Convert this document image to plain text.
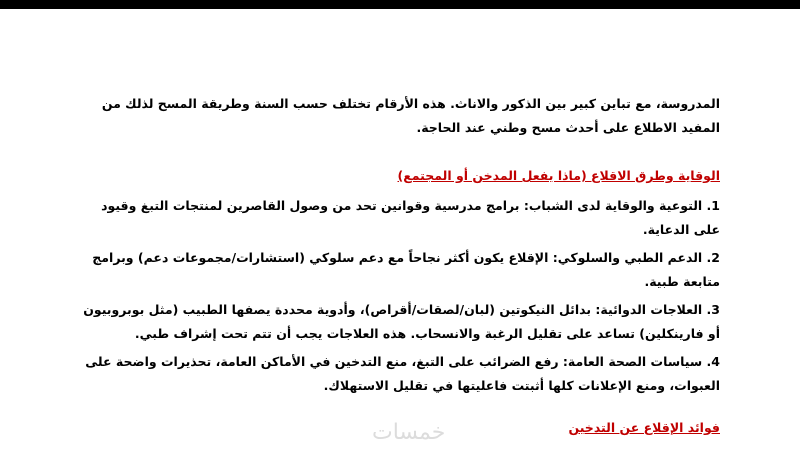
المدروسة، مع تباين كبير بين الذكور والاناث. هذه الأرقام تختلف حسب السنة وطريقة المسح لذلك من
المفيد الاطلاع على أحدث مسح وطني عند الحاجة.

الوقاية وطرق الاقلاع (ماذا يفعل المدخن أو المجتمع)

1. التوعية والوقاية لدى الشباب: برامج مدرسية وقوانين تحد من وصول القاصرين لمنتجات التبغ وقيود
على الدعاية.

2. الدعم الطبي والسلوكي: الإقلاع يكون أكثر نجاحاً مع دعم سلوكي (استشارات/مجموعات دعم) وبرامج
متابعة طبية.

3. العلاجات الدوائية: بدائل النيكوتين (لبان/لصقات/أقراص)، وأدوية محددة يصفها الطبيب (مثل بوبروبيون
أو فارينكلين) تساعد على تقليل الرغبة والانسحاب. هذه العلاجات يجب أن تتم تحت إشراف طبي.

4. سياسات الصحة العامة: رفع الضرائب على التبغ، منع التدخين في الأماكن العامة، تحذيرات واضحة على
العبوات، ومنع الإعلانات كلها أثبتت فاعليتها في تقليل الاستهلاك.

فوائد الإقلاع عن التدخين

خمسات
